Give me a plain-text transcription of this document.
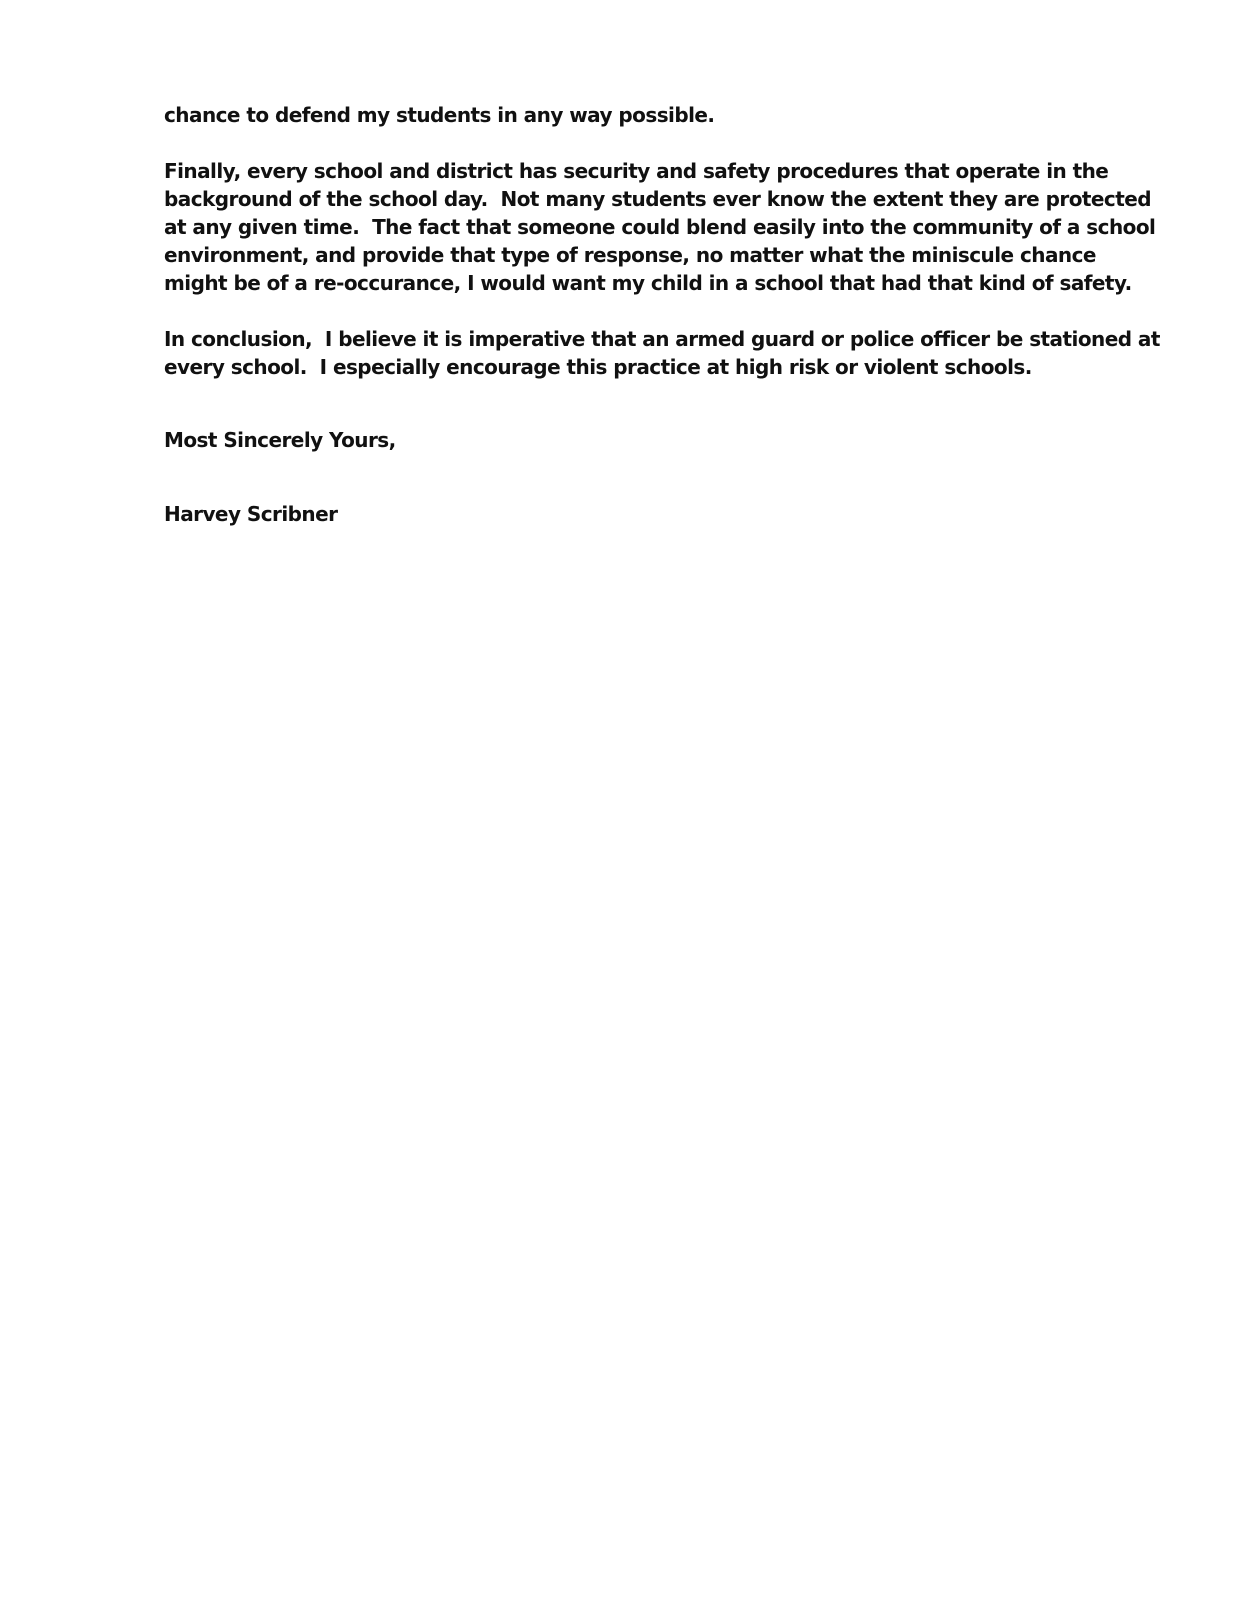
chance to defend my students in any way possible.
Finally, every school and district has security and safety procedures that operate in the
background of the school day.  Not many students ever know the extent they are protected
at any given time.  The fact that someone could blend easily into the community of a school
environment, and provide that type of response, no matter what the miniscule chance
might be of a re-occurance, I would want my child in a school that had that kind of safety.
In conclusion,  I believe it is imperative that an armed guard or police officer be stationed at
every school.  I especially encourage this practice at high risk or violent schools.
Most Sincerely Yours,
Harvey Scribner
